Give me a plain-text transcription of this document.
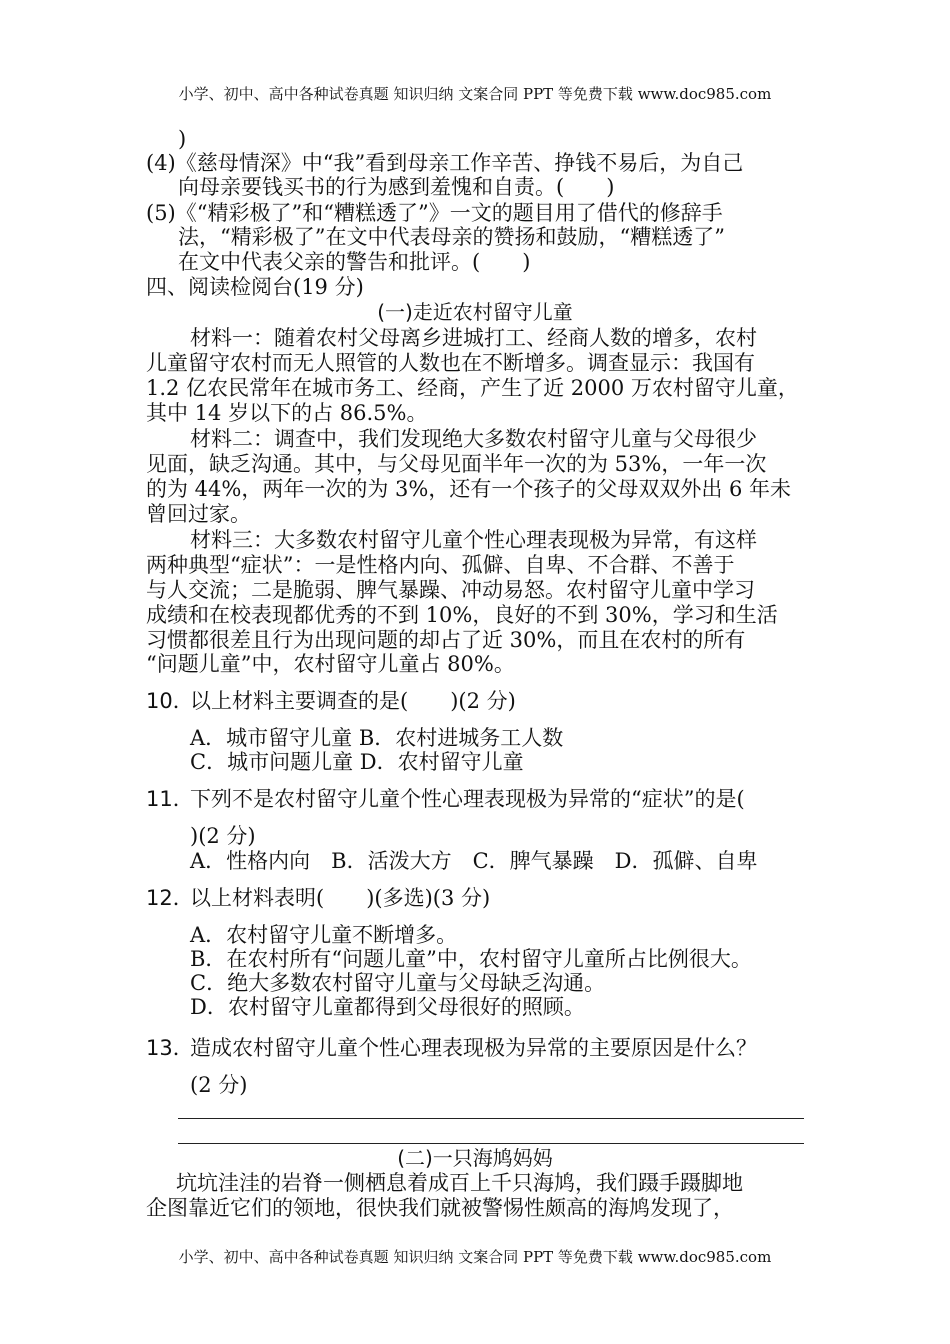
小学、初中、高中各种试卷真题 知识归纳 文案合同 PPT 等免费下载 www.doc985.com
)
(4)《慈母情深》中“我”看到母亲工作辛苦、挣钱不易后，为自己
向母亲要钱买书的行为感到羞愧和自责。(　　)
(5)《“精彩极了”和“糟糕透了”》一文的题目用了借代的修辞手
法，“精彩极了”在文中代表母亲的赞扬和鼓励，“糟糕透了”
在文中代表父亲的警告和批评。(　　)
四、阅读检阅台(19 分)
(一)走近农村留守儿童
材料一：随着农村父母离乡进城打工、经商人数的增多，农村
儿童留守农村而无人照管的人数也在不断增多。调查显示：我国有
1.2 亿农民常年在城市务工、经商，产生了近 2000 万农村留守儿童，
其中 14 岁以下的占 86.5%。
材料二：调查中，我们发现绝大多数农村留守儿童与父母很少
见面，缺乏沟通。其中，与父母见面半年一次的为 53%，一年一次
的为 44%，两年一次的为 3%，还有一个孩子的父母双双外出 6 年未
曾回过家。
材料三：大多数农村留守儿童个性心理表现极为异常，有这样
两种典型“症状”：一是性格内向、孤僻、自卑、不合群、不善于
与人交流；二是脆弱、脾气暴躁、冲动易怒。农村留守儿童中学习
成绩和在校表现都优秀的不到 10%，良好的不到 30%，学习和生活
习惯都很差且行为出现问题的却占了近 30%，而且在农村的所有
“问题儿童”中，农村留守儿童占 80%。
10．
以上材料主要调查的是(　　)(2 分)
A．城市留守儿童 B．农村进城务工人数
C．城市问题儿童 D．农村留守儿童
11．
下列不是农村留守儿童个性心理表现极为异常的“症状”的是(
)(2 分)
A．性格内向　B．活泼大方　C．脾气暴躁　D．孤僻、自卑
12．
以上材料表明(　　)(多选)(3 分)
A．农村留守儿童不断增多。
B．在农村所有“问题儿童”中，农村留守儿童所占比例很大。
C．绝大多数农村留守儿童与父母缺乏沟通。
D．农村留守儿童都得到父母很好的照顾。
13．
造成农村留守儿童个性心理表现极为异常的主要原因是什么？
(2 分)
(二)一只海鸠妈妈
坑坑洼洼的岩脊一侧栖息着成百上千只海鸠，我们蹑手蹑脚地
企图靠近它们的领地，很快我们就被警惕性颇高的海鸠发现了，
小学、初中、高中各种试卷真题 知识归纳 文案合同 PPT 等免费下载 www.doc985.com
